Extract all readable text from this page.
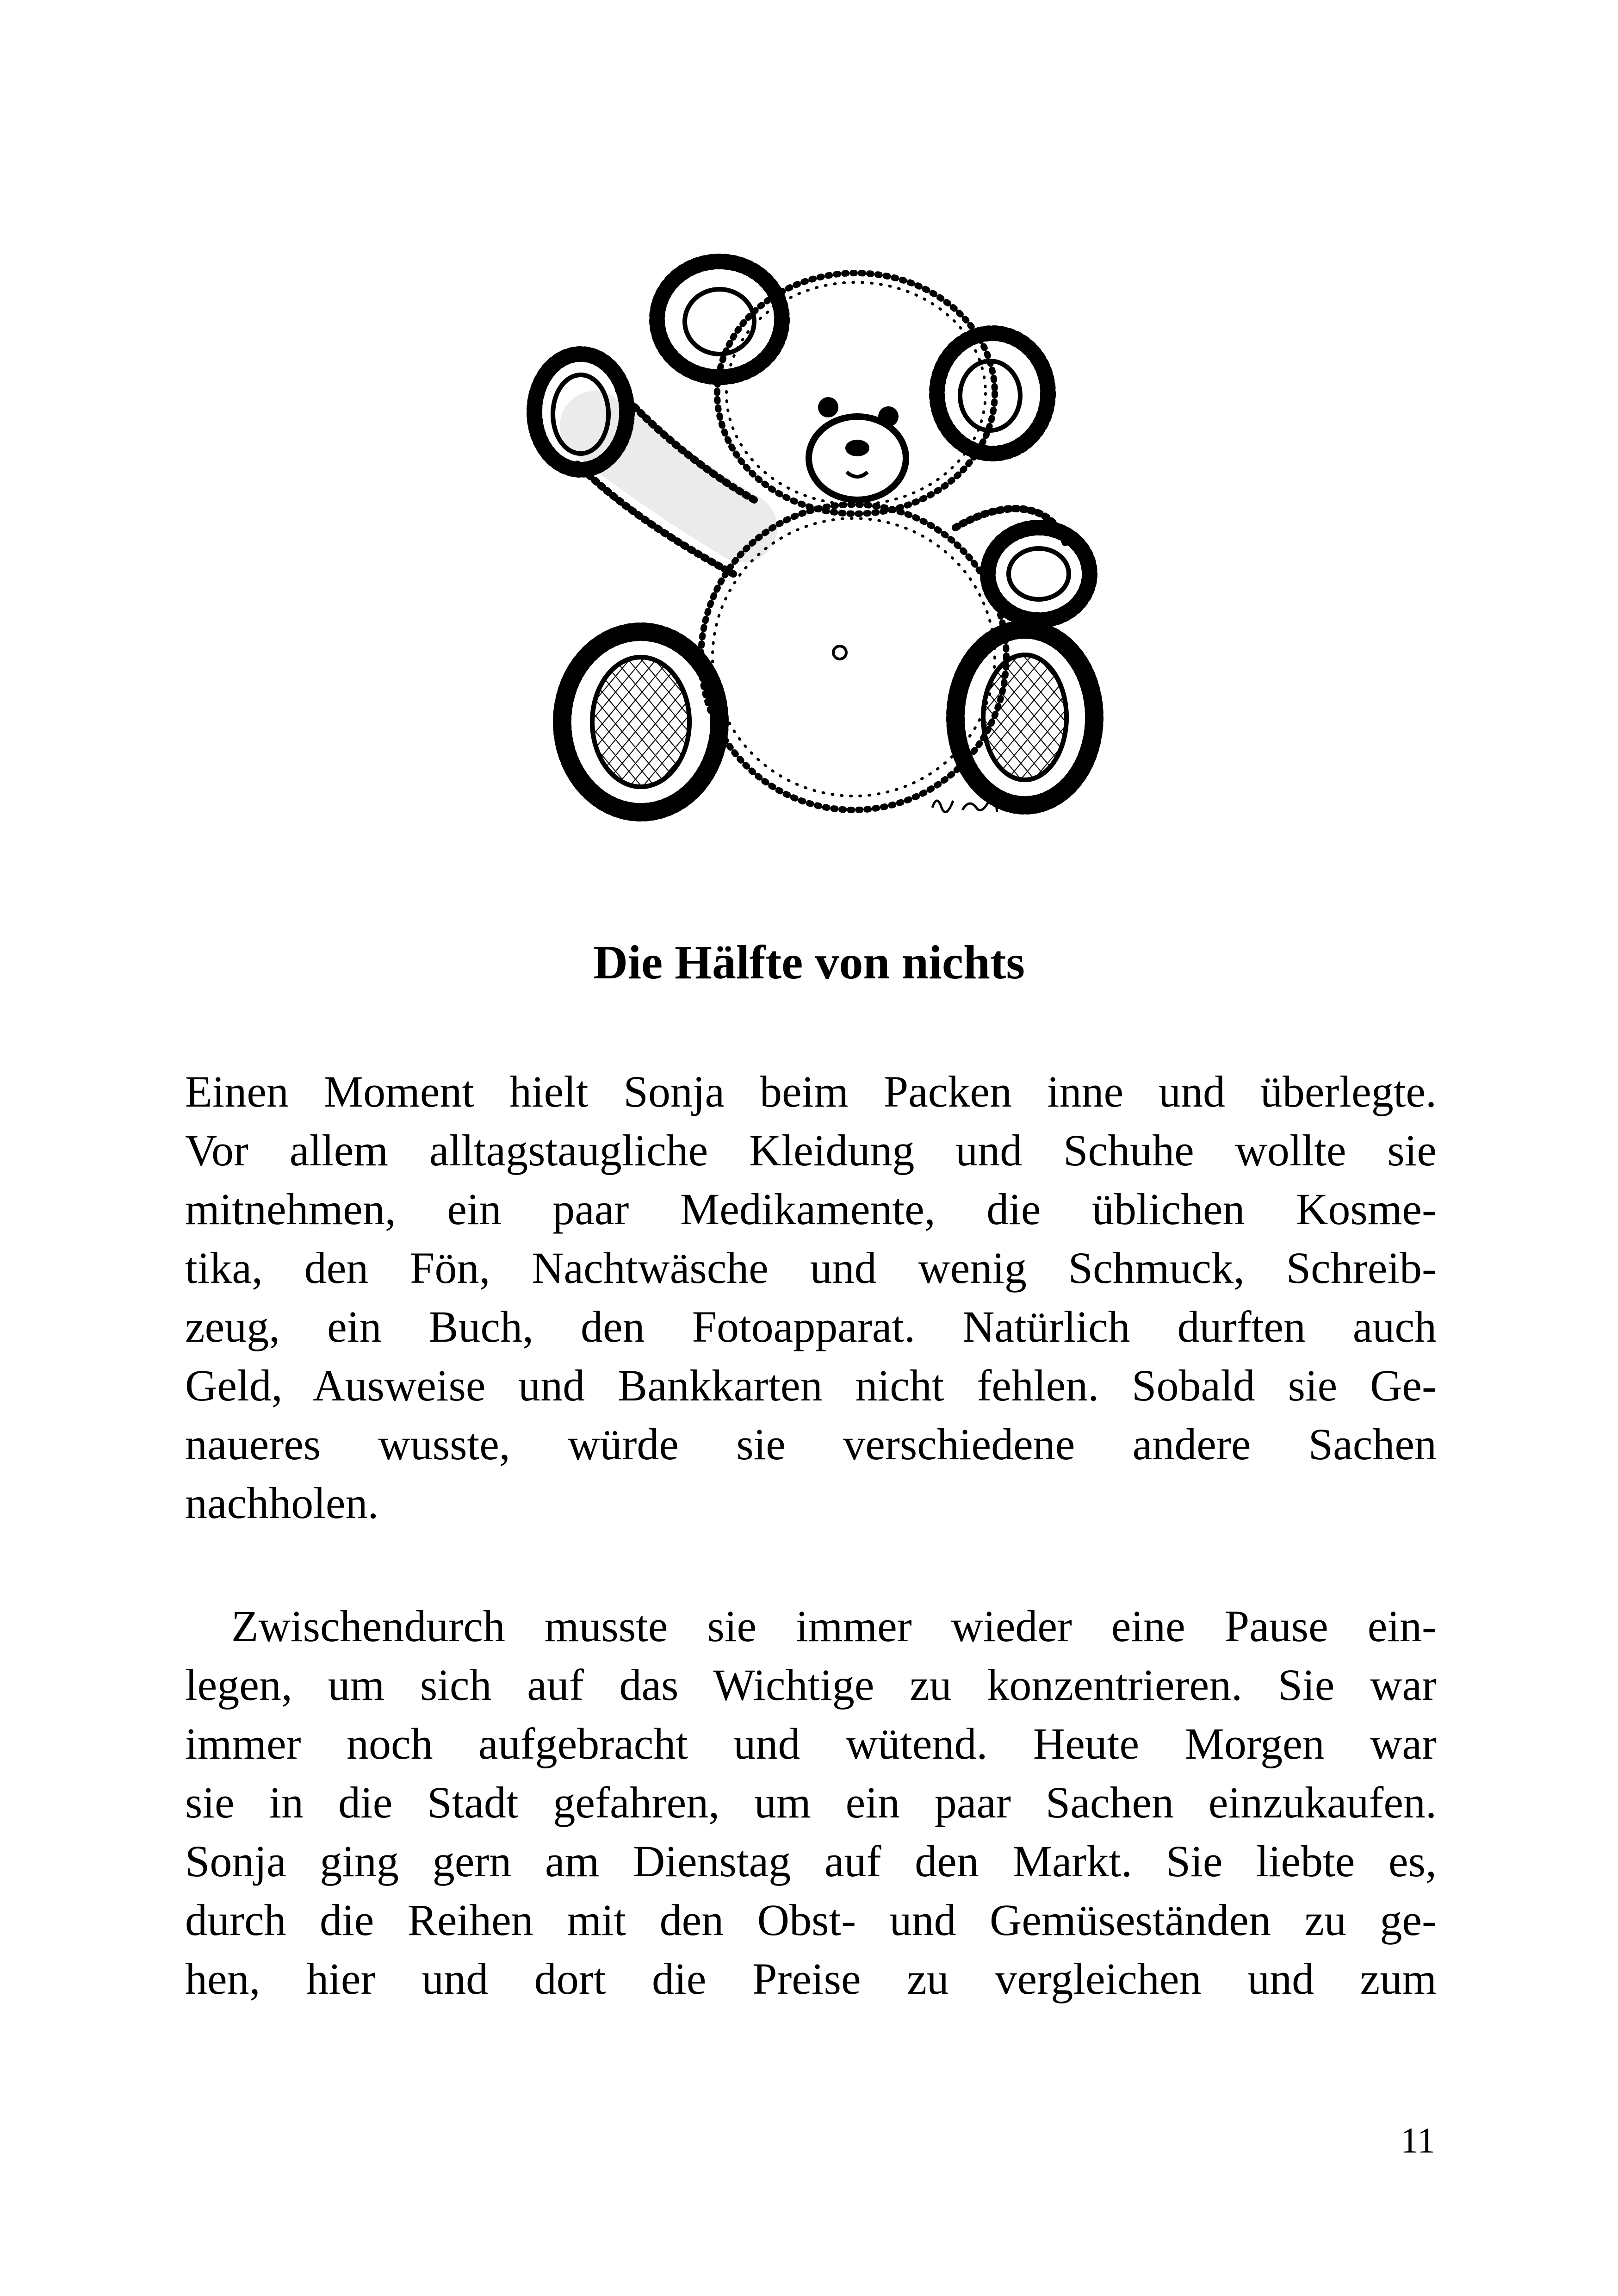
Die Hälfte von nichts
Einen Moment hielt Sonja beim Packen inne und überlegte.
Vor allem alltagstaugliche Kleidung und Schuhe wollte sie
mitnehmen, ein paar Medikamente, die üblichen Kosme-
tika, den Fön, Nachtwäsche und wenig Schmuck, Schreib-
zeug, ein Buch, den Fotoapparat. Natürlich durften auch
Geld, Ausweise und Bankkarten nicht fehlen. Sobald sie Ge-
naueres wusste, würde sie verschiedene andere Sachen
nachholen.
Zwischendurch musste sie immer wieder eine Pause ein-
legen, um sich auf das Wichtige zu konzentrieren. Sie war
immer noch aufgebracht und wütend. Heute Morgen war
sie in die Stadt gefahren, um ein paar Sachen einzukaufen.
Sonja ging gern am Dienstag auf den Markt. Sie liebte es,
durch die Reihen mit den Obst- und Gemüseständen zu ge-
hen, hier und dort die Preise zu vergleichen und zum

11
